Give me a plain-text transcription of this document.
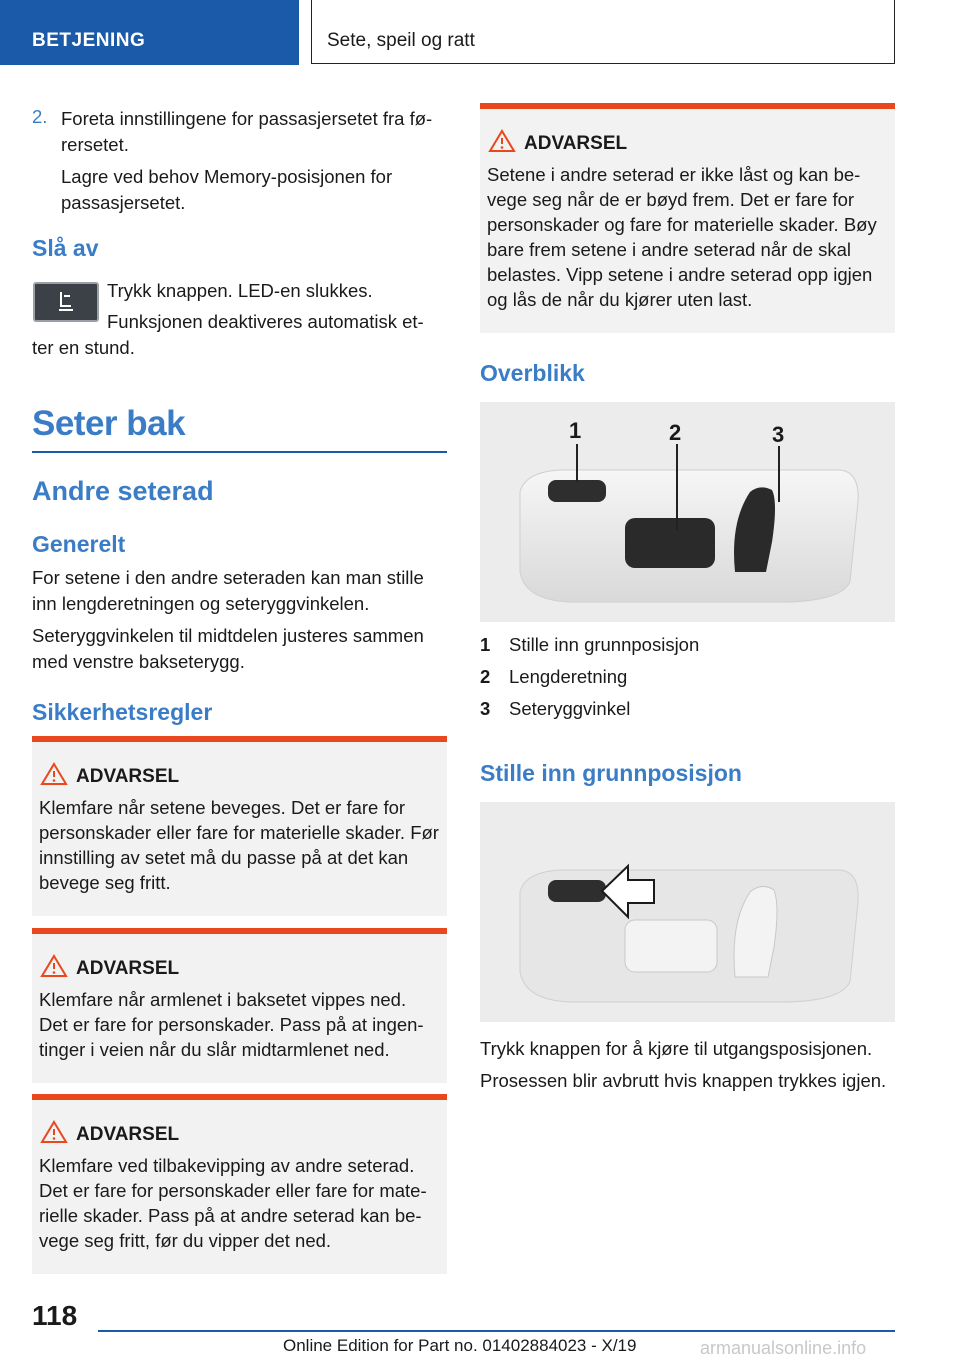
BETJENING	Sete, speil og ratt
2. Foreta innstillingene for passasjersetet fra fø-rersetet.

Lagre ved behov Memory-posisjonen for passasjersetet.

Slå av

Trykk knappen. LED-en slukkes.

Funksjonen deaktiveres automatisk et-ter en stund.

Seter bak
Andre seterad
Generelt

For setene i den andre seteraden kan man stille inn lengderetningen og seteryggvinkelen.

Seteryggvinkelen til midtdelen justeres sammen med venstre bakseterygg.

Sikkerhetsregler
ADVARSEL
Klemfare når setene beveges. Det er fare for personskader eller fare for materielle skader. Før innstilling av setet må du passe på at det kan bevege seg fritt.
ADVARSEL
Klemfare når armlenet i baksetet vippes ned. Det er fare for personskader. Pass på at ingen-tinger i veien når du slår midtarmlenet ned.
ADVARSEL
Klemfare ved tilbakevipping av andre seterad. Det er fare for personskader eller fare for mate-rielle skader. Pass på at andre seterad kan be-vege seg fritt, før du vipper det ned.
ADVARSEL
Setene i andre seterad er ikke låst og kan be-vege seg når de er bøyd frem. Det er fare for personskader og fare for materielle skader. Bøy bare frem setene i andre seterad når de skal belastes. Vipp setene i andre seterad opp igjen og lås de når du kjører uten last.
Overblikk
1	2	3
1 Stille inn grunnposisjon
2 Lengderetning
3 Seteryggvinkel
Stille inn grunnposisjon

Trykk knappen for å kjøre til utgangsposisjonen.

Prosessen blir avbrutt hvis knappen trykkes igjen.

118
Online Edition for Part no. 01402884023 - X/19	armanualsonline.info
